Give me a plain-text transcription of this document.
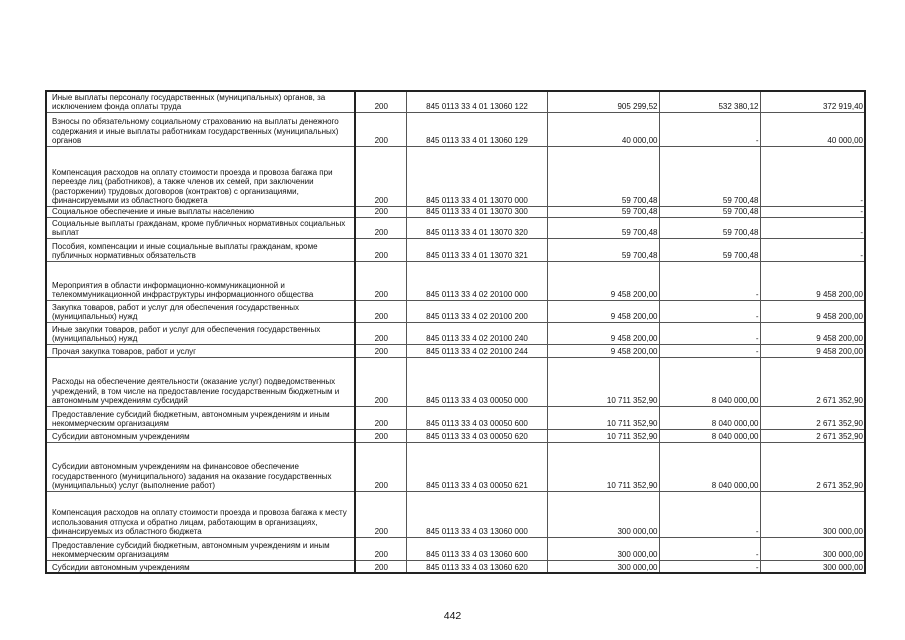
Иные выплаты персоналу государственных (муниципальных) органов, за исключением фонда оплаты труда	200	845 0113 33 4 01 13060 122	905 299,52	532 380,12	372 919,40
Взносы по обязательному социальному страхованию на выплаты денежного содержания и иные выплаты работникам государственных (муниципальных) органов	200	845 0113 33 4 01 13060 129	40 000,00	-	40 000,00
Компенсация расходов на оплату стоимости проезда и провоза багажа при переезде лиц (работников), а также членов их семей, при заключении (расторжении) трудовых договоров (контрактов) с организациями, финансируемыми из областного бюджета	200	845 0113 33 4 01 13070 000	59 700,48	59 700,48	-
Социальное обеспечение и иные выплаты населению	200	845 0113 33 4 01 13070 300	59 700,48	59 700,48	-
Социальные выплаты гражданам, кроме публичных нормативных социальных выплат	200	845 0113 33 4 01 13070 320	59 700,48	59 700,48	-
Пособия, компенсации и иные социальные выплаты гражданам, кроме публичных нормативных обязательств	200	845 0113 33 4 01 13070 321	59 700,48	59 700,48	-
Мероприятия в области информационно-коммуникационной и телекоммуникационной инфраструктуры информационного общества	200	845 0113 33 4 02 20100 000	9 458 200,00	-	9 458 200,00
Закупка товаров, работ и услуг для обеспечения государственных (муниципальных) нужд	200	845 0113 33 4 02 20100 200	9 458 200,00	-	9 458 200,00
Иные закупки товаров, работ и услуг для обеспечения государственных (муниципальных) нужд	200	845 0113 33 4 02 20100 240	9 458 200,00	-	9 458 200,00
Прочая закупка товаров, работ и услуг	200	845 0113 33 4 02 20100 244	9 458 200,00	-	9 458 200,00
Расходы на обеспечение деятельности (оказание услуг) подведомственных учреждений, в том числе на предоставление государственным бюджетным и автономным учреждениям субсидий	200	845 0113 33 4 03 00050 000	10 711 352,90	8 040 000,00	2 671 352,90
Предоставление субсидий бюджетным, автономным учреждениям и иным некоммерческим организациям	200	845 0113 33 4 03 00050 600	10 711 352,90	8 040 000,00	2 671 352,90
Субсидии автономным учреждениям	200	845 0113 33 4 03 00050 620	10 711 352,90	8 040 000,00	2 671 352,90
Субсидии автономным учреждениям на финансовое обеспечение государственного (муниципального) задания на оказание государственных (муниципальных) услуг (выполнение работ)	200	845 0113 33 4 03 00050 621	10 711 352,90	8 040 000,00	2 671 352,90
Компенсация расходов на оплату стоимости проезда и провоза багажа к месту использования отпуска и обратно лицам, работающим в организациях, финансируемых из областного бюджета	200	845 0113 33 4 03 13060 000	300 000,00	-	300 000,00
Предоставление субсидий бюджетным, автономным учреждениям и иным некоммерческим организациям	200	845 0113 33 4 03 13060 600	300 000,00	-	300 000,00
Субсидии автономным учреждениям	200	845 0113 33 4 03 13060 620	300 000,00	-	300 000,00
442
